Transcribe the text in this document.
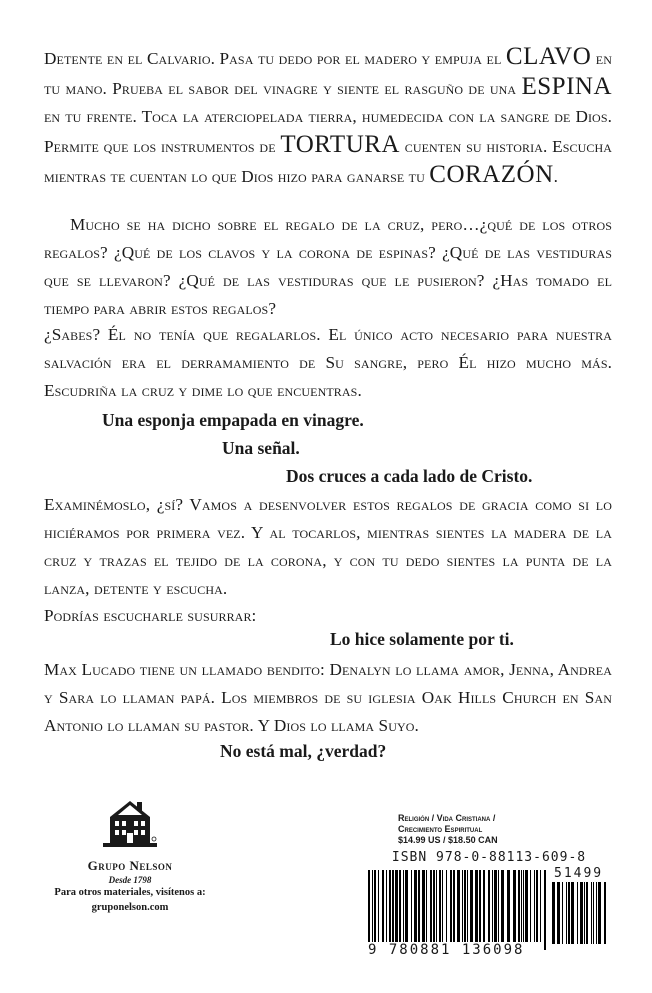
Detente en el Calvario. Pasa tu dedo por el madero y empuja el CLAVO en tu mano. Prueba el sabor del vinagre y siente el rasguño de una ESPINA en tu frente. Toca la aterciopelada tierra, humedecida con la sangre de Dios. Permite que los instrumentos de TORTURA cuenten su historia. Escucha mientras te cuentan lo que Dios hizo para ganarse tu CORAZÓN.
Mucho se ha dicho sobre el regalo de la cruz, pero…¿qué de los otros regalos? ¿Qué de los clavos y la corona de espinas? ¿Qué de las vestiduras que se llevaron? ¿Qué de las vestiduras que le pusieron? ¿Has tomado el tiempo para abrir estos regalos?
¿Sabes? Él no tenía que regalarlos. El único acto necesario para nuestra salvación era el derramamiento de Su sangre, pero Él hizo mucho más. Escudriña la cruz y dime lo que encuentras.
Una esponja empapada en vinagre.
Una señal.
Dos cruces a cada lado de Cristo.
Examinémoslo, ¿sí? Vamos a desenvolver estos regalos de gracia como si lo hiciéramos por primera vez. Y al tocarlos, mientras sientes la madera de la cruz y trazas el tejido de la corona, y con tu dedo sientes la punta de la lanza, detente y escucha.
Podrías escucharle susurrar:
Lo hice solamente por ti.
Max Lucado tiene un llamado bendito: Denalyn lo llama amor, Jenna, Andrea y Sara lo llaman papá. Los miembros de su iglesia Oak Hills Church en San Antonio lo llaman su pastor. Y Dios lo llama Suyo.
No está mal, ¿verdad?
Grupo Nelson
Desde 1798
Para otros materiales, visítenos a:
gruponelson.com
Religión / Vida Cristiana /
Crecimiento Espiritual
$14.99 US / $18.50 CAN
ISBN 978-0-88113-609-8
51499
9 780881 136098
